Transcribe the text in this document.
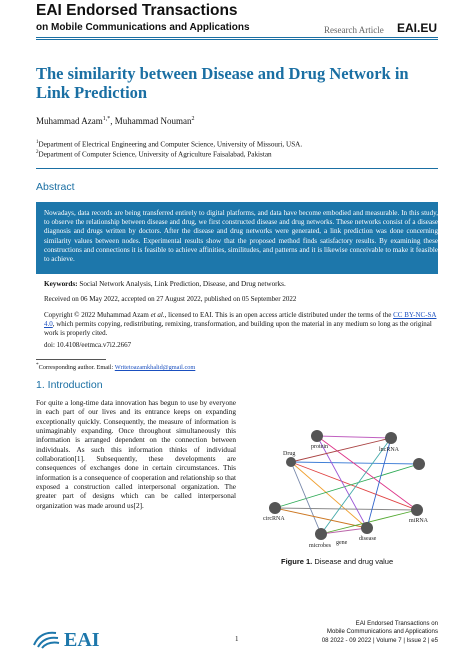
EAI Endorsed Transactions
on Mobile Communications and Applications	Research Article EAI.EU
The similarity between Disease and Drug Network in Link Prediction
Muhammad Azam$^{1,*}$, Muhammad Nouman$^2$
$^1$Department of Electrical Engineering and Computer Science, University of Missouri, USA.
$^2$Department of Computer Science, University of Agriculture Faisalabad, Pakistan
Abstract
Nowadays, data records are being transferred entirely to digital platforms, and data have become embodied and measurable. In this study, to observe the relationship between disease and drug, we first constructed disease and drug networks. These networks consist of a disease diagnosis and drugs written by doctors. After the disease and drug networks were generated, a link prediction was done concerning similarity values between nodes. Experimental results show that the proposed method finds satisfactory results. By examining these constructions and connections it is feasible to achieve affinities, similitudes, and patterns and it is likewise conceivable to make it feasible to achieve.
Keywords: Social Network Analysis, Link Prediction, Disease, and Drug networks.
Received on 06 May 2022, accepted on 27 August 2022, published on 05 September 2022
Copyright © 2022 Muhammad Azam et al., licensed to EAI. This is an open access article distributed under the terms of the CC BY-NC-SA 4.0, which permits copying, redistributing, remixing, transformation, and building upon the material in any medium so long as the original work is properly cited.
doi: 10.4108/eetmca.v7i2.2667
*Corresponding author. Email: Writetoazamkhalid@gmail.com
1. Introduction
For quite a long-time data innovation has begun to use by everyone in each part of our lives and its entrance keeps on expanding exceptionally quickly. Consequently, the measure of information is unimaginably expanding. Once throughout simultaneously this information is arranged dependent on the connection between individuals. As such this information thinks of individual collaboration[1]. Subsequently, these developments are consequences of exchanges done in certain circumstances. This information is a consequence of cooperation and relationship so that exposed a construction called interpersonal organization. The greater part of designs which can be called interpersonal organization was made around us[2].
protein
Drug
lncRNA
circRNA	miRNA
microbes gene
disease
Figure 1. Disease and drug value
EAI	1
EAI Endorsed Transactions on
Mobile Communications and Applications
08 2022 - 09 2022 | Volume 7 | Issue 2 | e5
